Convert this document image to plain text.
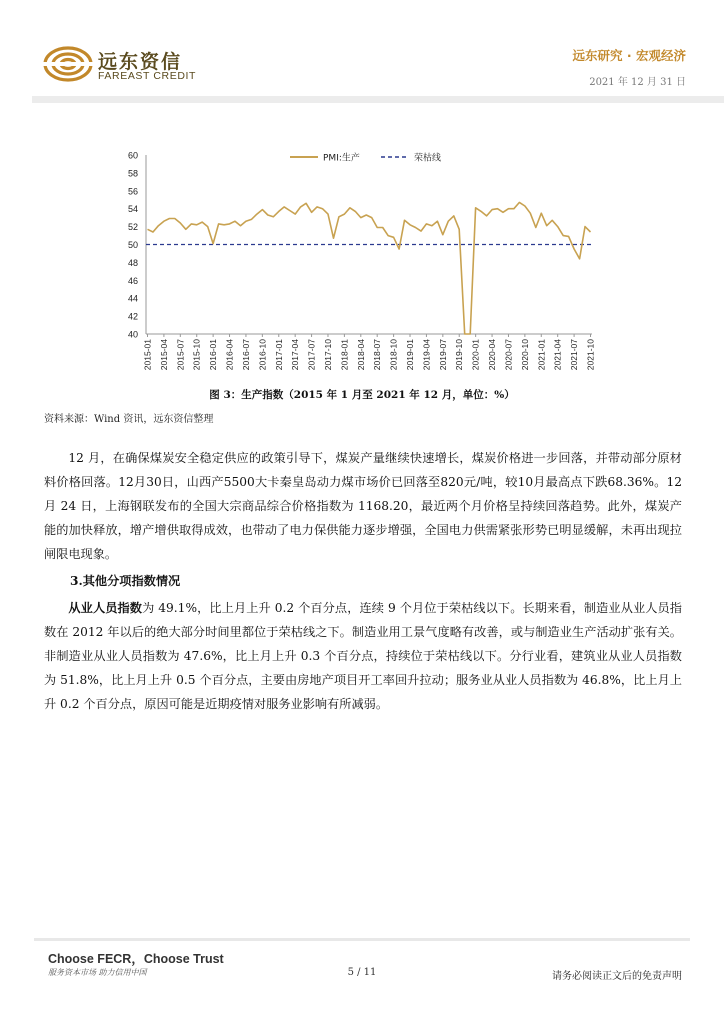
远东资信
FAREAST CREDIT
远东研究 · 宏观经济
2021 年 12 月 31 日
40
42
44
46
48
50
52
54
56
58
60
2015-01 2015-04 2015-07 2015-10 2016-01 2016-04 2016-07 2016-10 2017-01 2017-04 2017-07 2017-10 2018-01 2018-04 2018-07 2018-10 2019-01 2019-04 2019-07 2019-10 2020-01 2020-04 2020-07 2020-10 2021-01 2021-04 2021-07 2021-10
PMI:生产	荣枯线
图 3：生产指数（2015 年 1 月至 2021 年 12 月，单位：%）
资料来源：Wind 资讯，远东资信整理
12 月，在确保煤炭安全稳定供应的政策引导下，煤炭产量继续快速增长，煤炭价格进一步回落，并带动部分原材料价格回落。12月30日，山西产5500大卡秦皇岛动力煤市场价已回落至820元/吨，较10月最高点下跌68.36%。12 月 24 日，上海钢联发布的全国大宗商品综合价格指数为 1168.20，最近两个月价格呈持续回落趋势。此外，煤炭产能的加快释放，增产增供取得成效，也带动了电力保供能力逐步增强，全国电力供需紧张形势已明显缓解，未再出现拉闸限电现象。
3.其他分项指数情况
从业人员指数为 49.1%，比上月上升 0.2 个百分点，连续 9 个月位于荣枯线以下。长期来看，制造业从业人员指数在 2012 年以后的绝大部分时间里都位于荣枯线之下。制造业用工景气度略有改善，或与制造业生产活动扩张有关。非制造业从业人员指数为 47.6%，比上月上升 0.3 个百分点，持续位于荣枯线以下。分行业看，建筑业从业人员指数为 51.8%，比上月上升 0.5 个百分点，主要由房地产项目开工率回升拉动；服务业从业人员指数为 46.8%，比上月上升 0.2 个百分点，原因可能是近期疫情对服务业影响有所减弱。
Choose FECR，Choose Trust
服务资本市场 助力信用中国	5 / 11	请务必阅读正文后的免责声明
